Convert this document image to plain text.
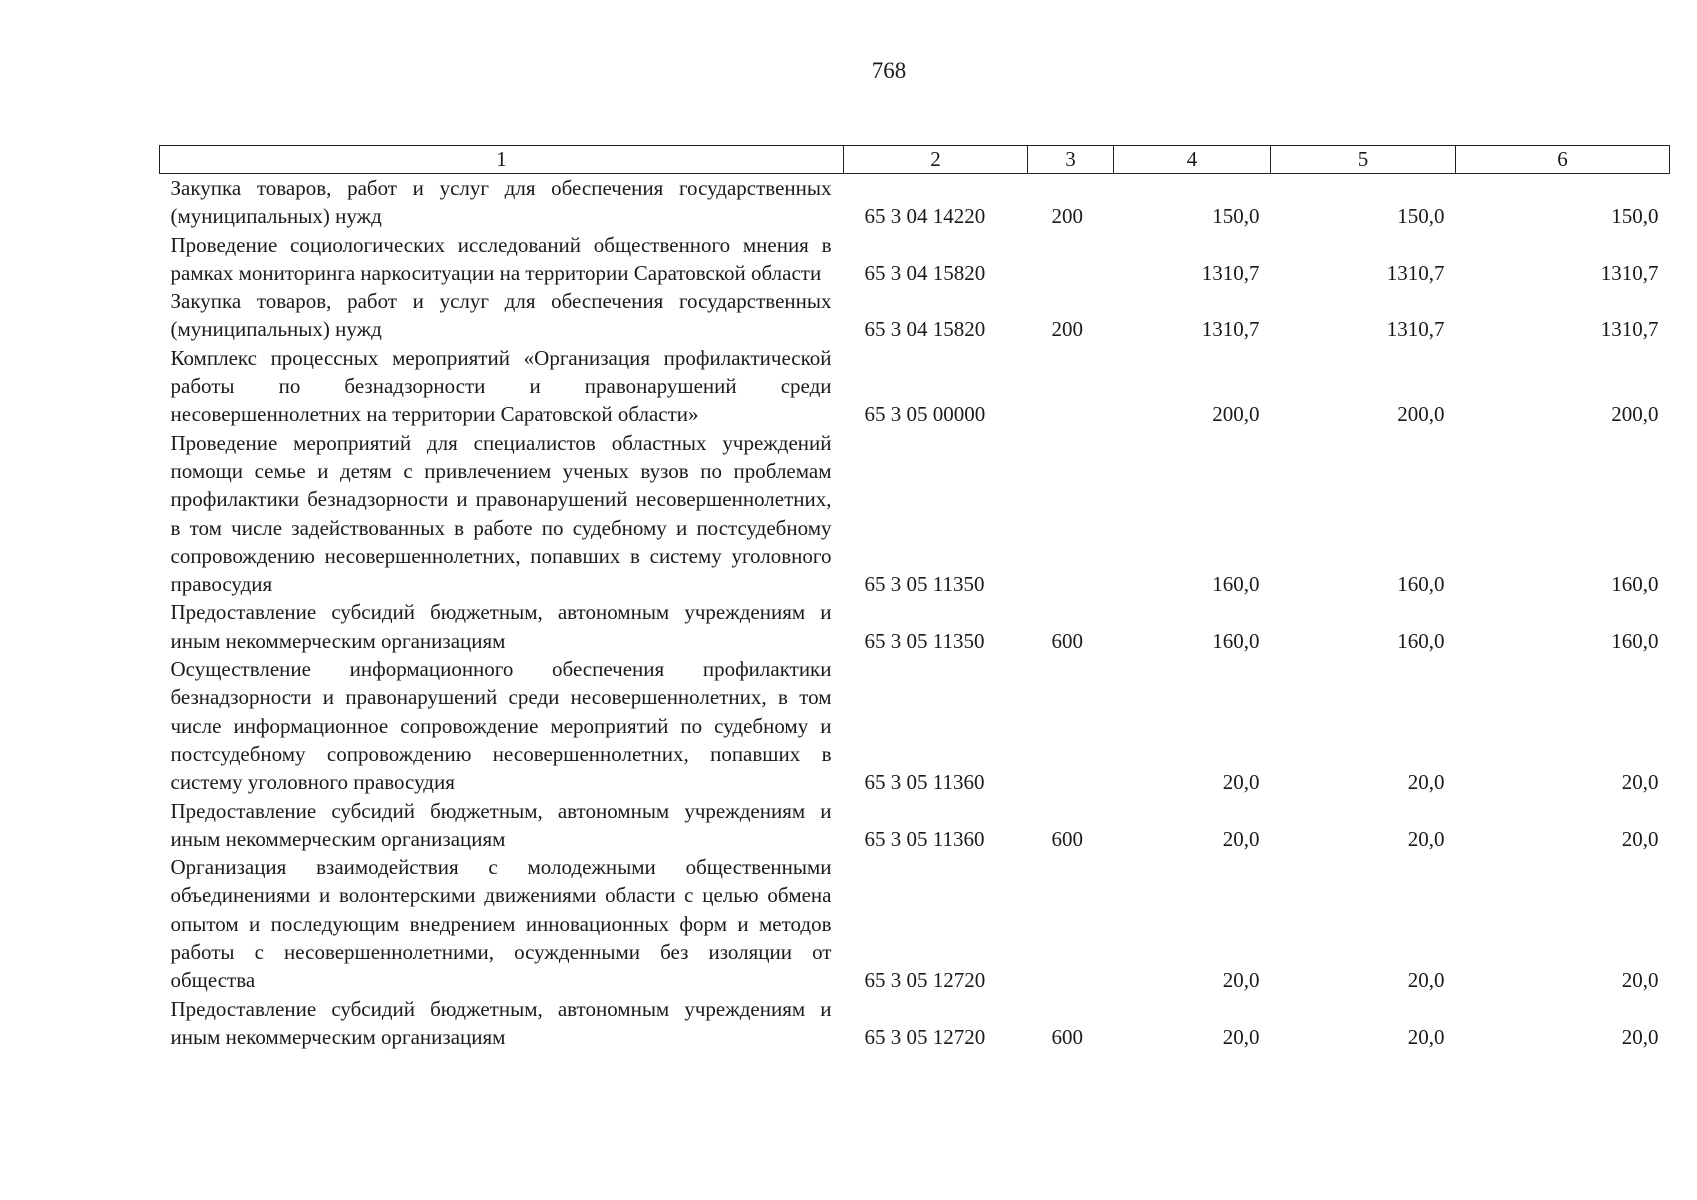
768
1	2	3	4	5	6
Закупка товаров, работ и услуг для обеспечения государственных (муниципальных) нужд	65 3 04 14220	200	150,0	150,0	150,0
Проведение социологических исследований общественного мнения в рамках мониторинга наркоситуации на территории Саратовской области	65 3 04 15820		1310,7	1310,7	1310,7
Закупка товаров, работ и услуг для обеспечения государственных (муниципальных) нужд	65 3 04 15820	200	1310,7	1310,7	1310,7
Комплекс процессных мероприятий «Организация профилактической работы по безнадзорности и правонарушений среди несовершеннолетних на территории Саратовской области»	65 3 05 00000		200,0	200,0	200,0
Проведение мероприятий для специалистов областных учреждений помощи семье и детям с привлечением ученых вузов по проблемам профилактики безнадзорности и правонарушений несовершеннолетних, в том числе задействованных в работе по судебному и постсудебному сопровождению несовершеннолетних, попавших в систему уголовного правосудия	65 3 05 11350		160,0	160,0	160,0
Предоставление субсидий бюджетным, автономным учреждениям и иным некоммерческим организациям	65 3 05 11350	600	160,0	160,0	160,0
Осуществление информационного обеспечения профилактики безнадзорности и правонарушений среди несовершеннолетних, в том числе информационное сопровождение мероприятий по судебному и постсудебному сопровождению несовершеннолетних, попавших в систему уголовного правосудия	65 3 05 11360		20,0	20,0	20,0
Предоставление субсидий бюджетным, автономным учреждениям и иным некоммерческим организациям	65 3 05 11360	600	20,0	20,0	20,0
Организация взаимодействия с молодежными общественными объединениями и волонтерскими движениями области с целью обмена опытом и последующим внедрением инновационных форм и методов работы с несовершеннолетними, осужденными без изоляции от общества	65 3 05 12720		20,0	20,0	20,0
Предоставление субсидий бюджетным, автономным учреждениям и иным некоммерческим организациям	65 3 05 12720	600	20,0	20,0	20,0
